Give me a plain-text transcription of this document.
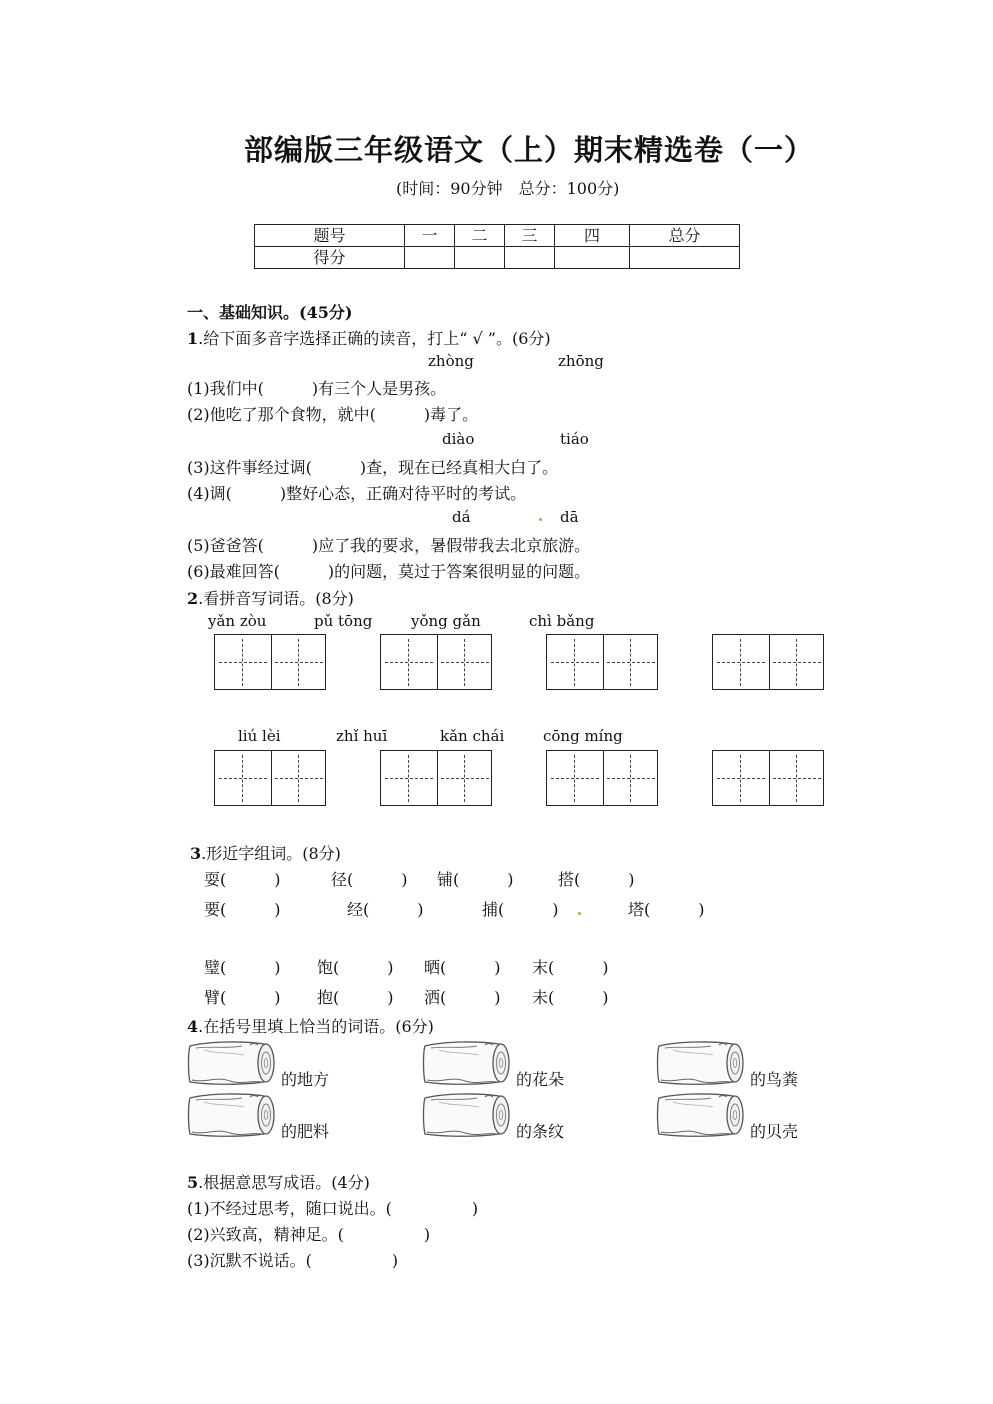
部编版三年级语文（上）期末精选卷（一）
(时间：90分钟　总分：100分)
题号	一	二	三	四	总分
得分					
一、基础知识。(45分)
1.给下面多音字选择正确的读音，打上“ √ ”。(6分)
zhòng	zhōng
(1)我们中(　　　)有三个人是男孩。
(2)他吃了那个食物，就中(　　　)毒了。
diào	tiáo
(3)这件事经过调(　　　)查，现在已经真相大白了。
(4)调(　　　)整好心态，正确对待平时的考试。
dá	dā
(5)爸爸答(　　　)应了我的要求，暑假带我去北京旅游。
(6)最难回答(　　　)的问题，莫过于答案很明显的问题。
2.看拼音写词语。(8分)
yǎn zòu	pǔ tōng	yǒng gǎn	chì bǎng
liú lèi	zhǐ huī	kǎn chái	cōng míng
3.形近字组词。(8分)
耍(　　　)	径(　　　) 铺(　　　)	搭(　　　)
要(　　　)	经(　　　)	捕(　　　)	塔(　　　)
璧(　　　) 饱(　　　) 晒(　　　) 末(　　　)
臂(　　　) 抱(　　　) 洒(　　　) 未(　　　)
4.在括号里填上恰当的词语。(6分)
的地方	的花朵	的鸟粪
的肥料	的条纹	的贝壳
5.根据意思写成语。(4分)
(1)不经过思考，随口说出。(　　　　　)
(2)兴致高，精神足。(　　　　　)
(3)沉默不说话。(　　　　　)
